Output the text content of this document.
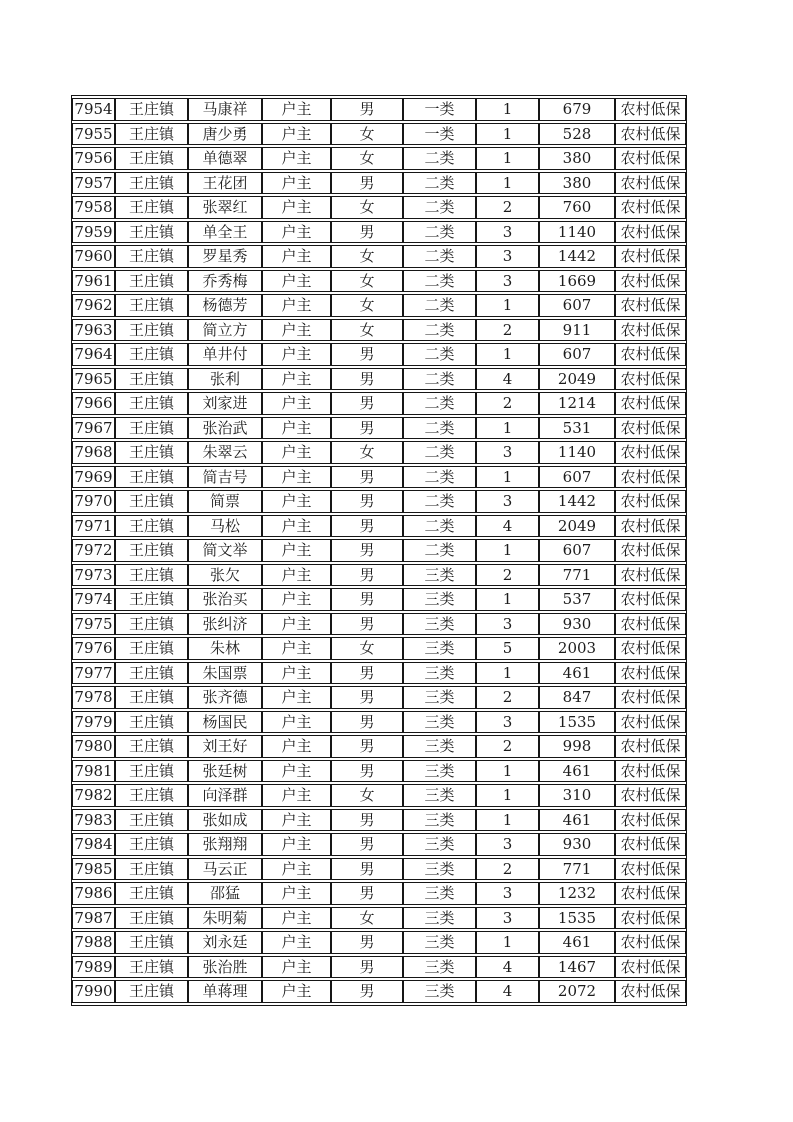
7954	王庄镇	马康祥	户主	男	一类	1	679	农村低保
7955	王庄镇	唐少勇	户主	女	一类	1	528	农村低保
7956	王庄镇	单德翠	户主	女	二类	1	380	农村低保
7957	王庄镇	王花团	户主	男	二类	1	380	农村低保
7958	王庄镇	张翠红	户主	女	二类	2	760	农村低保
7959	王庄镇	单全王	户主	男	二类	3	1140	农村低保
7960	王庄镇	罗星秀	户主	女	二类	3	1442	农村低保
7961	王庄镇	乔秀梅	户主	女	二类	3	1669	农村低保
7962	王庄镇	杨德芳	户主	女	二类	1	607	农村低保
7963	王庄镇	简立方	户主	女	二类	2	911	农村低保
7964	王庄镇	单井付	户主	男	二类	1	607	农村低保
7965	王庄镇	张利	户主	男	二类	4	2049	农村低保
7966	王庄镇	刘家进	户主	男	二类	2	1214	农村低保
7967	王庄镇	张治武	户主	男	二类	1	531	农村低保
7968	王庄镇	朱翠云	户主	女	二类	3	1140	农村低保
7969	王庄镇	简吉号	户主	男	二类	1	607	农村低保
7970	王庄镇	简票	户主	男	二类	3	1442	农村低保
7971	王庄镇	马松	户主	男	二类	4	2049	农村低保
7972	王庄镇	简文举	户主	男	二类	1	607	农村低保
7973	王庄镇	张欠	户主	男	三类	2	771	农村低保
7974	王庄镇	张治买	户主	男	三类	1	537	农村低保
7975	王庄镇	张纠济	户主	男	三类	3	930	农村低保
7976	王庄镇	朱林	户主	女	三类	5	2003	农村低保
7977	王庄镇	朱国票	户主	男	三类	1	461	农村低保
7978	王庄镇	张齐德	户主	男	三类	2	847	农村低保
7979	王庄镇	杨国民	户主	男	三类	3	1535	农村低保
7980	王庄镇	刘王好	户主	男	三类	2	998	农村低保
7981	王庄镇	张廷树	户主	男	三类	1	461	农村低保
7982	王庄镇	向泽群	户主	女	三类	1	310	农村低保
7983	王庄镇	张如成	户主	男	三类	1	461	农村低保
7984	王庄镇	张翔翔	户主	男	三类	3	930	农村低保
7985	王庄镇	马云正	户主	男	三类	2	771	农村低保
7986	王庄镇	邵猛	户主	男	三类	3	1232	农村低保
7987	王庄镇	朱明菊	户主	女	三类	3	1535	农村低保
7988	王庄镇	刘永廷	户主	男	三类	1	461	农村低保
7989	王庄镇	张治胜	户主	男	三类	4	1467	农村低保
7990	王庄镇	单蒋理	户主	男	三类	4	2072	农村低保
